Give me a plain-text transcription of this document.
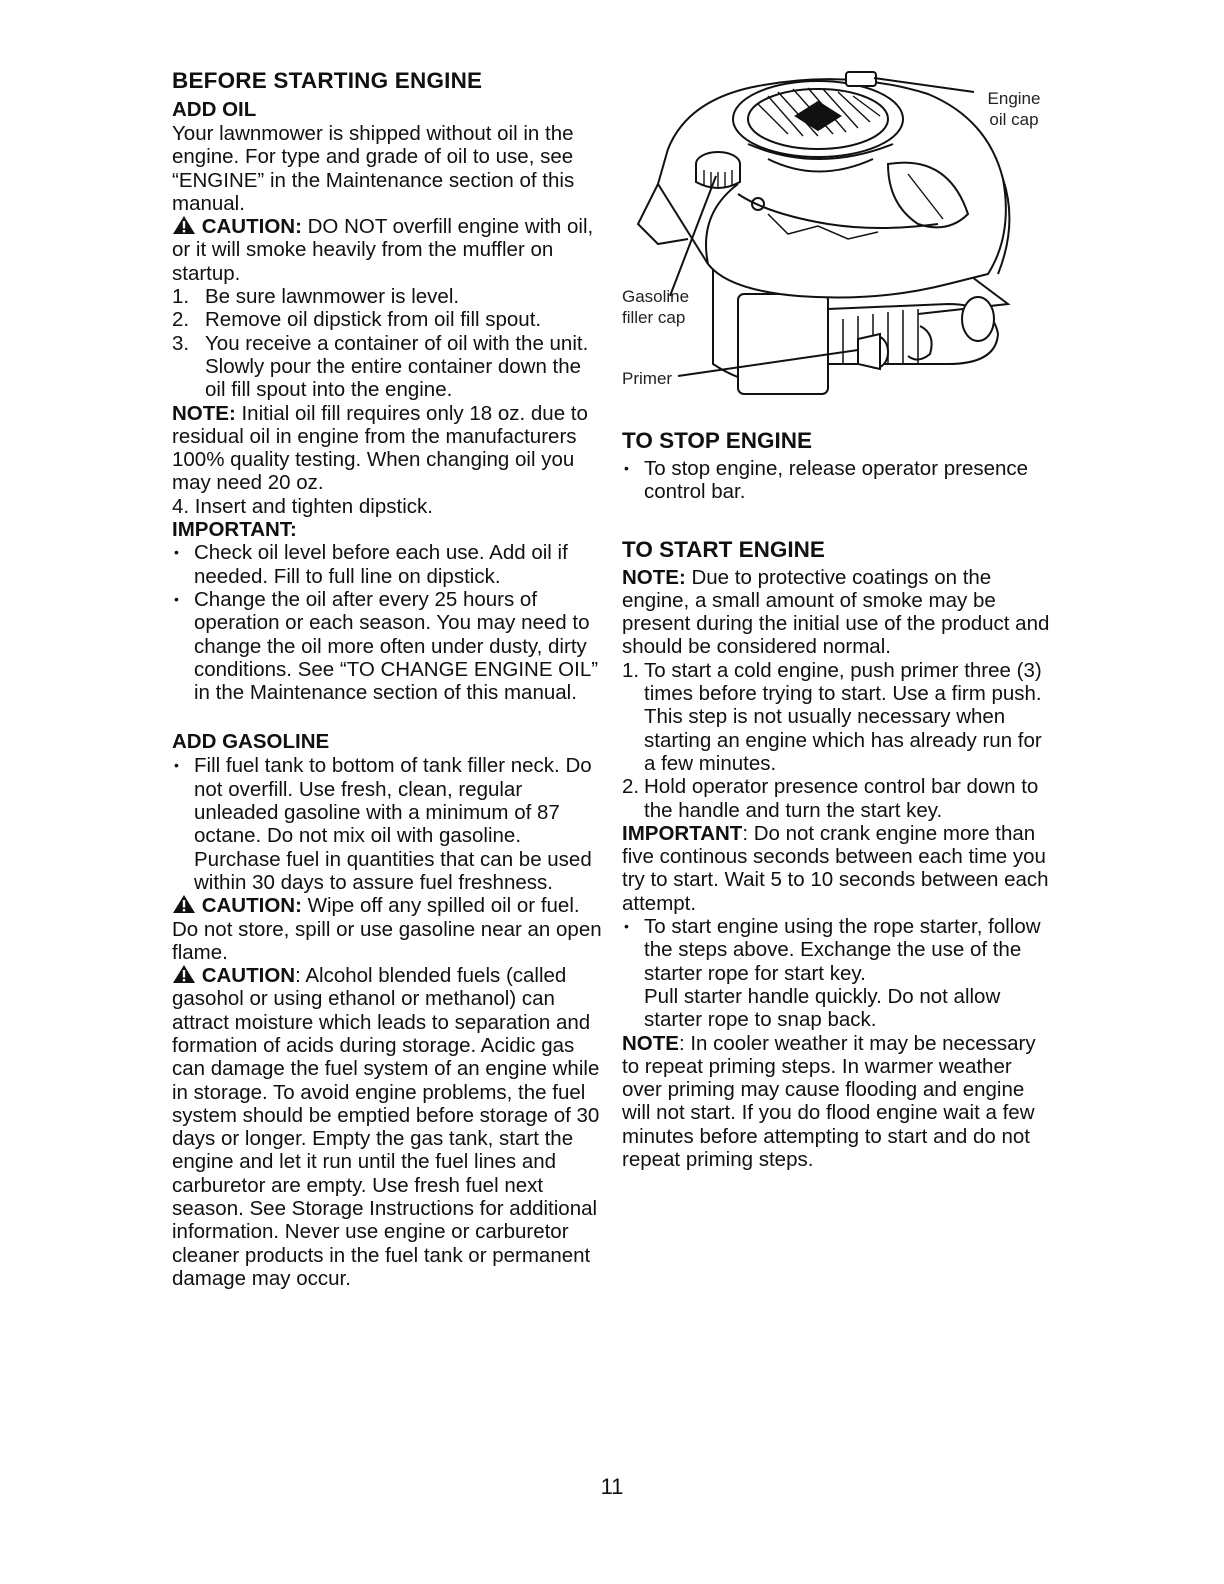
BEFORE STARTING ENGINE
ADD OIL

Your lawnmower is shipped without oil in the engine. For type and grade of oil to use, see “ENGINE” in the Maintenance section of this manual.

CAUTION: DO NOT overfill engine with oil, or it will smoke heavily from the muffler on startup.

1. Be sure lawnmower is level.
2. Remove oil dipstick from oil fill spout.
3. You receive a container of oil with the unit. Slowly pour the entire container down the oil fill spout into the engine.

NOTE: Initial oil fill requires only 18 oz. due to residual oil in engine from the manufacturers 100% quality testing. When changing oil you may need 20 oz.

4. Insert and tighten dipstick.

IMPORTANT:

• Check oil level before each use. Add oil if needed. Fill to full line on dipstick.
• Change the oil after every 25 hours of operation or each season. You may need to change the oil more often under dusty, dirty conditions. See “TO CHANGE ENGINE OIL” in the Maintenance section of this manual.
ADD GASOLINE
• Fill fuel tank to bottom of tank filler neck. Do not overfill. Use fresh, clean, regular unleaded gasoline with a minimum of 87 octane. Do not mix oil with gasoline. Purchase fuel in quantities that can be used within 30 days to assure fuel freshness.

CAUTION: Wipe off any spilled oil or fuel. Do not store, spill or use gasoline near an open flame.

CAUTION: Alcohol blended fuels (called gasohol or using ethanol or methanol) can attract moisture which leads to separation and formation of acids during storage. Acidic gas can damage the fuel system of an engine while in storage. To avoid engine problems, the fuel system should be emptied before storage of 30 days or longer. Empty the gas tank, start the engine and let it run until the fuel lines and carburetor are empty. Use fresh fuel next season. See Storage Instructions for additional information. Never use engine or carburetor cleaner products in the fuel tank or permanent damage may occur.

Engine oil cap
Gasoline filler cap
Primer
TO STOP ENGINE
• To stop engine, release operator presence control bar.
TO START ENGINE

NOTE: Due to protective coatings on the engine, a small amount of smoke may be present during the initial use of the product and should be considered normal.

1. To start a cold engine, push primer three (3) times before trying to start. Use a firm push. This step is not usually necessary when starting an engine which has already run for a few minutes.
2. Hold operator presence control bar down to the handle and turn the start key.

IMPORTANT: Do not crank engine more than five continous seconds between each time you try to start. Wait 5 to 10 seconds between each attempt.

• To start engine using the rope starter, follow the steps above. Exchange the use of the starter rope for start key.
Pull starter handle quickly. Do not allow starter rope to snap back.

NOTE: In cooler weather it may be necessary to repeat priming steps. In warmer weather over priming may cause flooding and engine will not start. If you do flood engine wait a few minutes before attempting to start and do not repeat priming steps.

11
